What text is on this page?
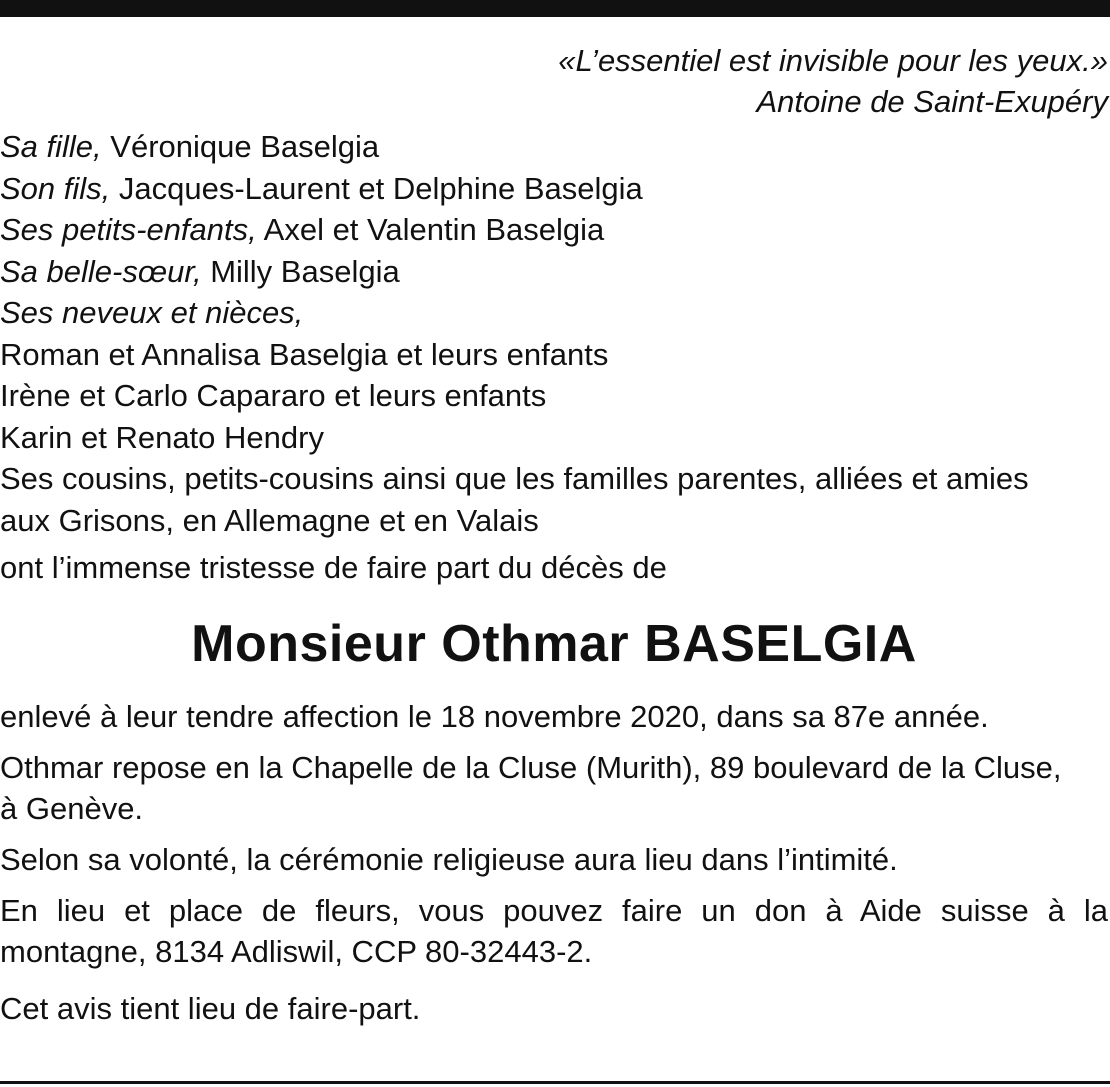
«L’essentiel est invisible pour les yeux.»
Antoine de Saint-Exupéry
Sa fille, Véronique Baselgia
Son fils, Jacques-Laurent et Delphine Baselgia
Ses petits-enfants, Axel et Valentin Baselgia
Sa belle-sœur, Milly Baselgia
Ses neveux et nièces,
Roman et Annalisa Baselgia et leurs enfants
Irène et Carlo Capararo et leurs enfants
Karin et Renato Hendry
Ses cousins, petits-cousins ainsi que les familles parentes, alliées et amies
aux Grisons, en Allemagne et en Valais
ont l’immense tristesse de faire part du décès de
Monsieur Othmar BASELGIA
enlevé à leur tendre affection le 18 novembre 2020, dans sa 87e année.
Othmar repose en la Chapelle de la Cluse (Murith), 89 boulevard de la Cluse,
à Genève.
Selon sa volonté, la cérémonie religieuse aura lieu dans l’intimité.
En lieu et place de fleurs, vous pouvez faire un don à Aide suisse à la montagne, 8134 Adliswil, CCP 80-32443-2.
Cet avis tient lieu de faire-part.
